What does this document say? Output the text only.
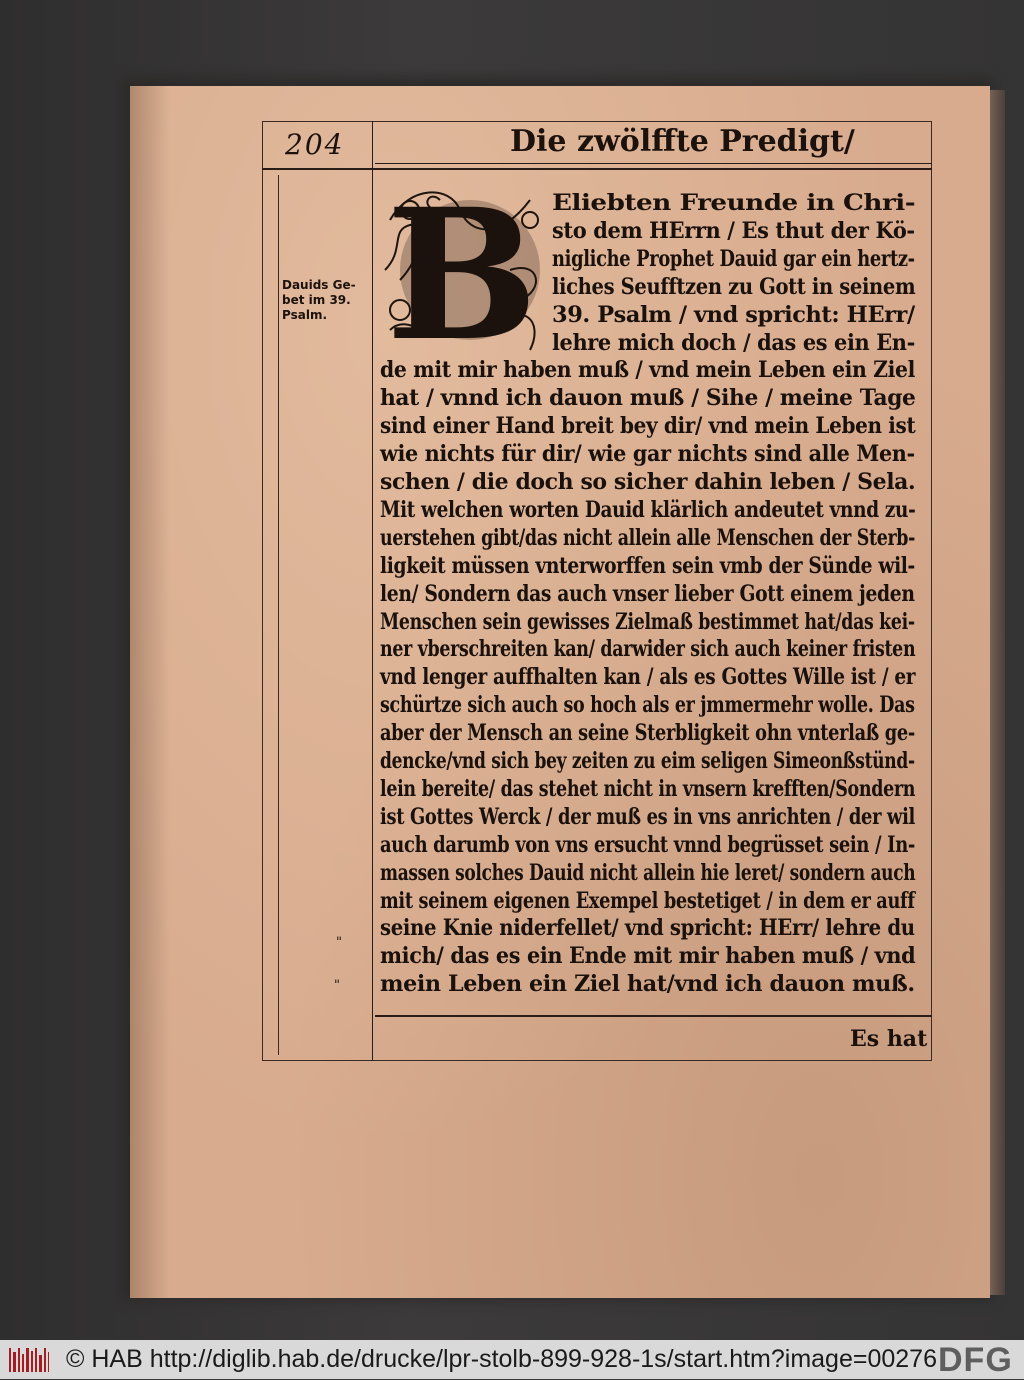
204	Die zwölffte Predigt/
Dauids Ge-
bet im 39.
Psalm.
"
"
B Eliebten Freunde in Chri-
sto dem HErrn / Es thut der Kö-
nigliche Prophet Dauid gar ein hertz-
liches Seufftzen zu Gott in seinem
39. Psalm / vnd spricht: HErr/
lehre mich doch / das es ein En-
de mit mir haben muß / vnd mein Leben ein Ziel
hat / vnnd ich dauon muß / Sihe / meine Tage
sind einer Hand breit bey dir/ vnd mein Leben ist
wie nichts für dir/ wie gar nichts sind alle Men-
schen / die doch so sicher dahin leben / Sela.
Mit welchen worten Dauid klärlich andeutet vnnd zu-
uerstehen gibt/das nicht allein alle Menschen der Sterb-
ligkeit müssen vnterworffen sein vmb der Sünde wil-
len/ Sondern das auch vnser lieber Gott einem jeden
Menschen sein gewisses Zielmaß bestimmet hat/das kei-
ner vberschreiten kan/ darwider sich auch keiner fristen
vnd lenger auffhalten kan / als es Gottes Wille ist / er
schürtze sich auch so hoch als er jmmermehr wolle. Das
aber der Mensch an seine Sterbligkeit ohn vnterlaß ge-
dencke/vnd sich bey zeiten zu eim seligen Simeonßstünd-
lein bereite/ das stehet nicht in vnsern krefften/Sondern
ist Gottes Werck / der muß es in vns anrichten / der wil
auch darumb von vns ersucht vnnd begrüsset sein / In-
massen solches Dauid nicht allein hie leret/ sondern auch
mit seinem eigenen Exempel bestetiget / in dem er auff
seine Knie niderfellet/ vnd spricht: HErr/ lehre du
mich/ das es ein Ende mit mir haben muß / vnd
mein Leben ein Ziel hat/vnd ich dauon muß.
Es hat
© HAB http://diglib.hab.de/drucke/lpr-stolb-899-928-1s/start.htm?image=00276 DFG
